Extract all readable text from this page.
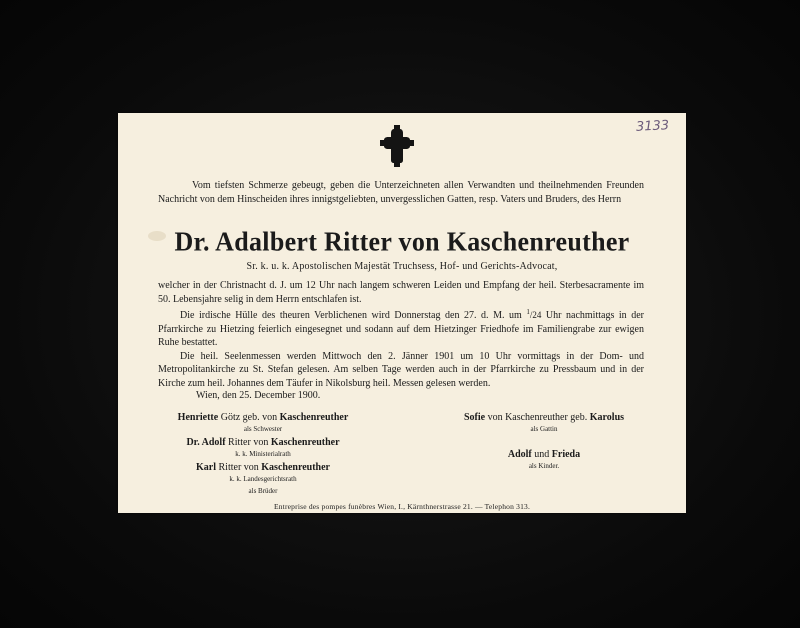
3133
Vom tiefsten Schmerze gebeugt, geben die Unterzeichneten allen Verwandten und theilnehmenden Freunden Nachricht von dem Hinscheiden ihres innigstgeliebten, unvergesslichen Gatten, resp. Vaters und Bruders, des Herrn
Dr. Adalbert Ritter von Kaschenreuther
Sr. k. u. k. Apostolischen Majestät Truchsess, Hof- und Gerichts-Advocat,

welcher in der Christnacht d. J. um 12 Uhr nach langem schweren Leiden und Empfang der heil. Sterbesacramente im 50. Lebensjahre selig in dem Herrn entschlafen ist.

Die irdische Hülle des theuren Verblichenen wird Donnerstag den 27. d. M. um $^1$/24 Uhr nachmittags in der Pfarrkirche zu Hietzing feierlich eingesegnet und sodann auf dem Hietzinger Friedhofe im Familiengrabe zur ewigen Ruhe bestattet.

Die heil. Seelenmessen werden Mittwoch den 2. Jänner 1901 um 10 Uhr vormittags in der Dom- und Metropolitankirche zu St. Stefan gelesen. Am selben Tage werden auch in der Pfarrkirche zu Pressbaum und in der Kirche zum heil. Johannes dem Täufer in Nikolsburg heil. Messen gelesen werden.

Wien, den 25. December 1900.
Henriette Götz geb. von Kaschenreuther
als Schwester
Dr. Adolf Ritter von Kaschenreuther
k. k. Ministerialrath
Karl Ritter von Kaschenreuther
k. k. Landesgerichtsrath
als Brüder
Sofie von Kaschenreuther geb. Karolus
als Gattin
Adolf und Frieda
als Kinder.
Entreprise des pompes funèbres Wien, I., Kärnthnerstrasse 21. — Telephon 313.
